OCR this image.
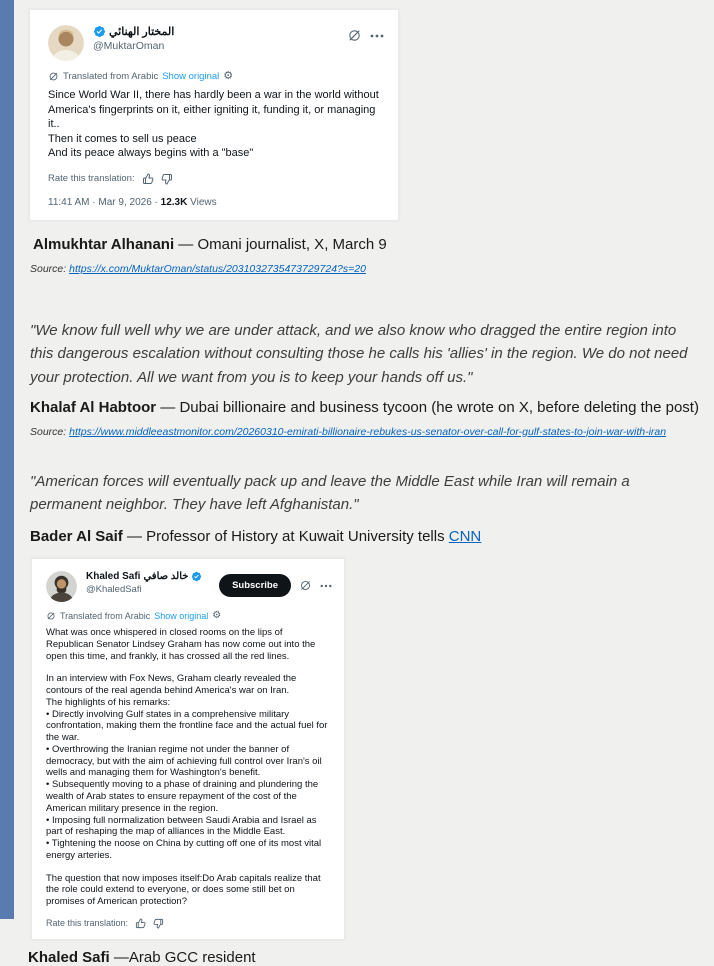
المختار الهنائي
@MuktarOman
Translated from Arabic Show original ⚙

Since World War II, there has hardly been a war in the world without America's fingerprints on it, either igniting it, funding it, or managing it..

Then it comes to sell us peace

And its peace always begins with a "base"

Rate this translation:
11:41 AM · Mar 9, 2026 · 12.3K Views
Almukhtar Alhanani — Omani journalist, X, March 9
Source: https://x.com/MuktarOman/status/2031032735473729724?s=20
"We know full well why we are under attack, and we also know who dragged the entire region into this dangerous escalation without consulting those he calls his 'allies' in the region. We do not need your protection. All we want from you is to keep your hands off us."
Khalaf Al Habtoor — Dubai billionaire and business tycoon (he wrote on X, before deleting the post)
Source: https://www.middleeastmonitor.com/20260310-emirati-billionaire-rebukes-us-senator-over-call-for-gulf-states-to-join-war-with-iran
"American forces will eventually pack up and leave the Middle East while Iran will remain a permanent neighbor. They have left Afghanistan."
Bader Al Saif — Professor of History at Kuwait University tells CNN
Khaled Safi خالد صافي
@KhaledSafi	Subscribe
Translated from Arabic Show original ⚙

What was once whispered in closed rooms on the lips of Republican Senator Lindsey Graham has now come out into the open this time, and frankly, it has crossed all the red lines.

In an interview with Fox News, Graham clearly revealed the contours of the real agenda behind America's war on Iran.

The highlights of his remarks:

• Directly involving Gulf states in a comprehensive military confrontation, making them the frontline face and the actual fuel for the war.

• Overthrowing the Iranian regime not under the banner of democracy, but with the aim of achieving full control over Iran's oil wells and managing them for Washington's benefit.

• Subsequently moving to a phase of draining and plundering the wealth of Arab states to ensure repayment of the cost of the American military presence in the region.

• Imposing full normalization between Saudi Arabia and Israel as part of reshaping the map of alliances in the Middle East.

• Tightening the noose on China by cutting off one of its most vital energy arteries.

The question that now imposes itself:Do Arab capitals realize that the role could extend to everyone, or does some still bet on promises of American protection?

Rate this translation:
Khaled Safi —Arab GCC resident
